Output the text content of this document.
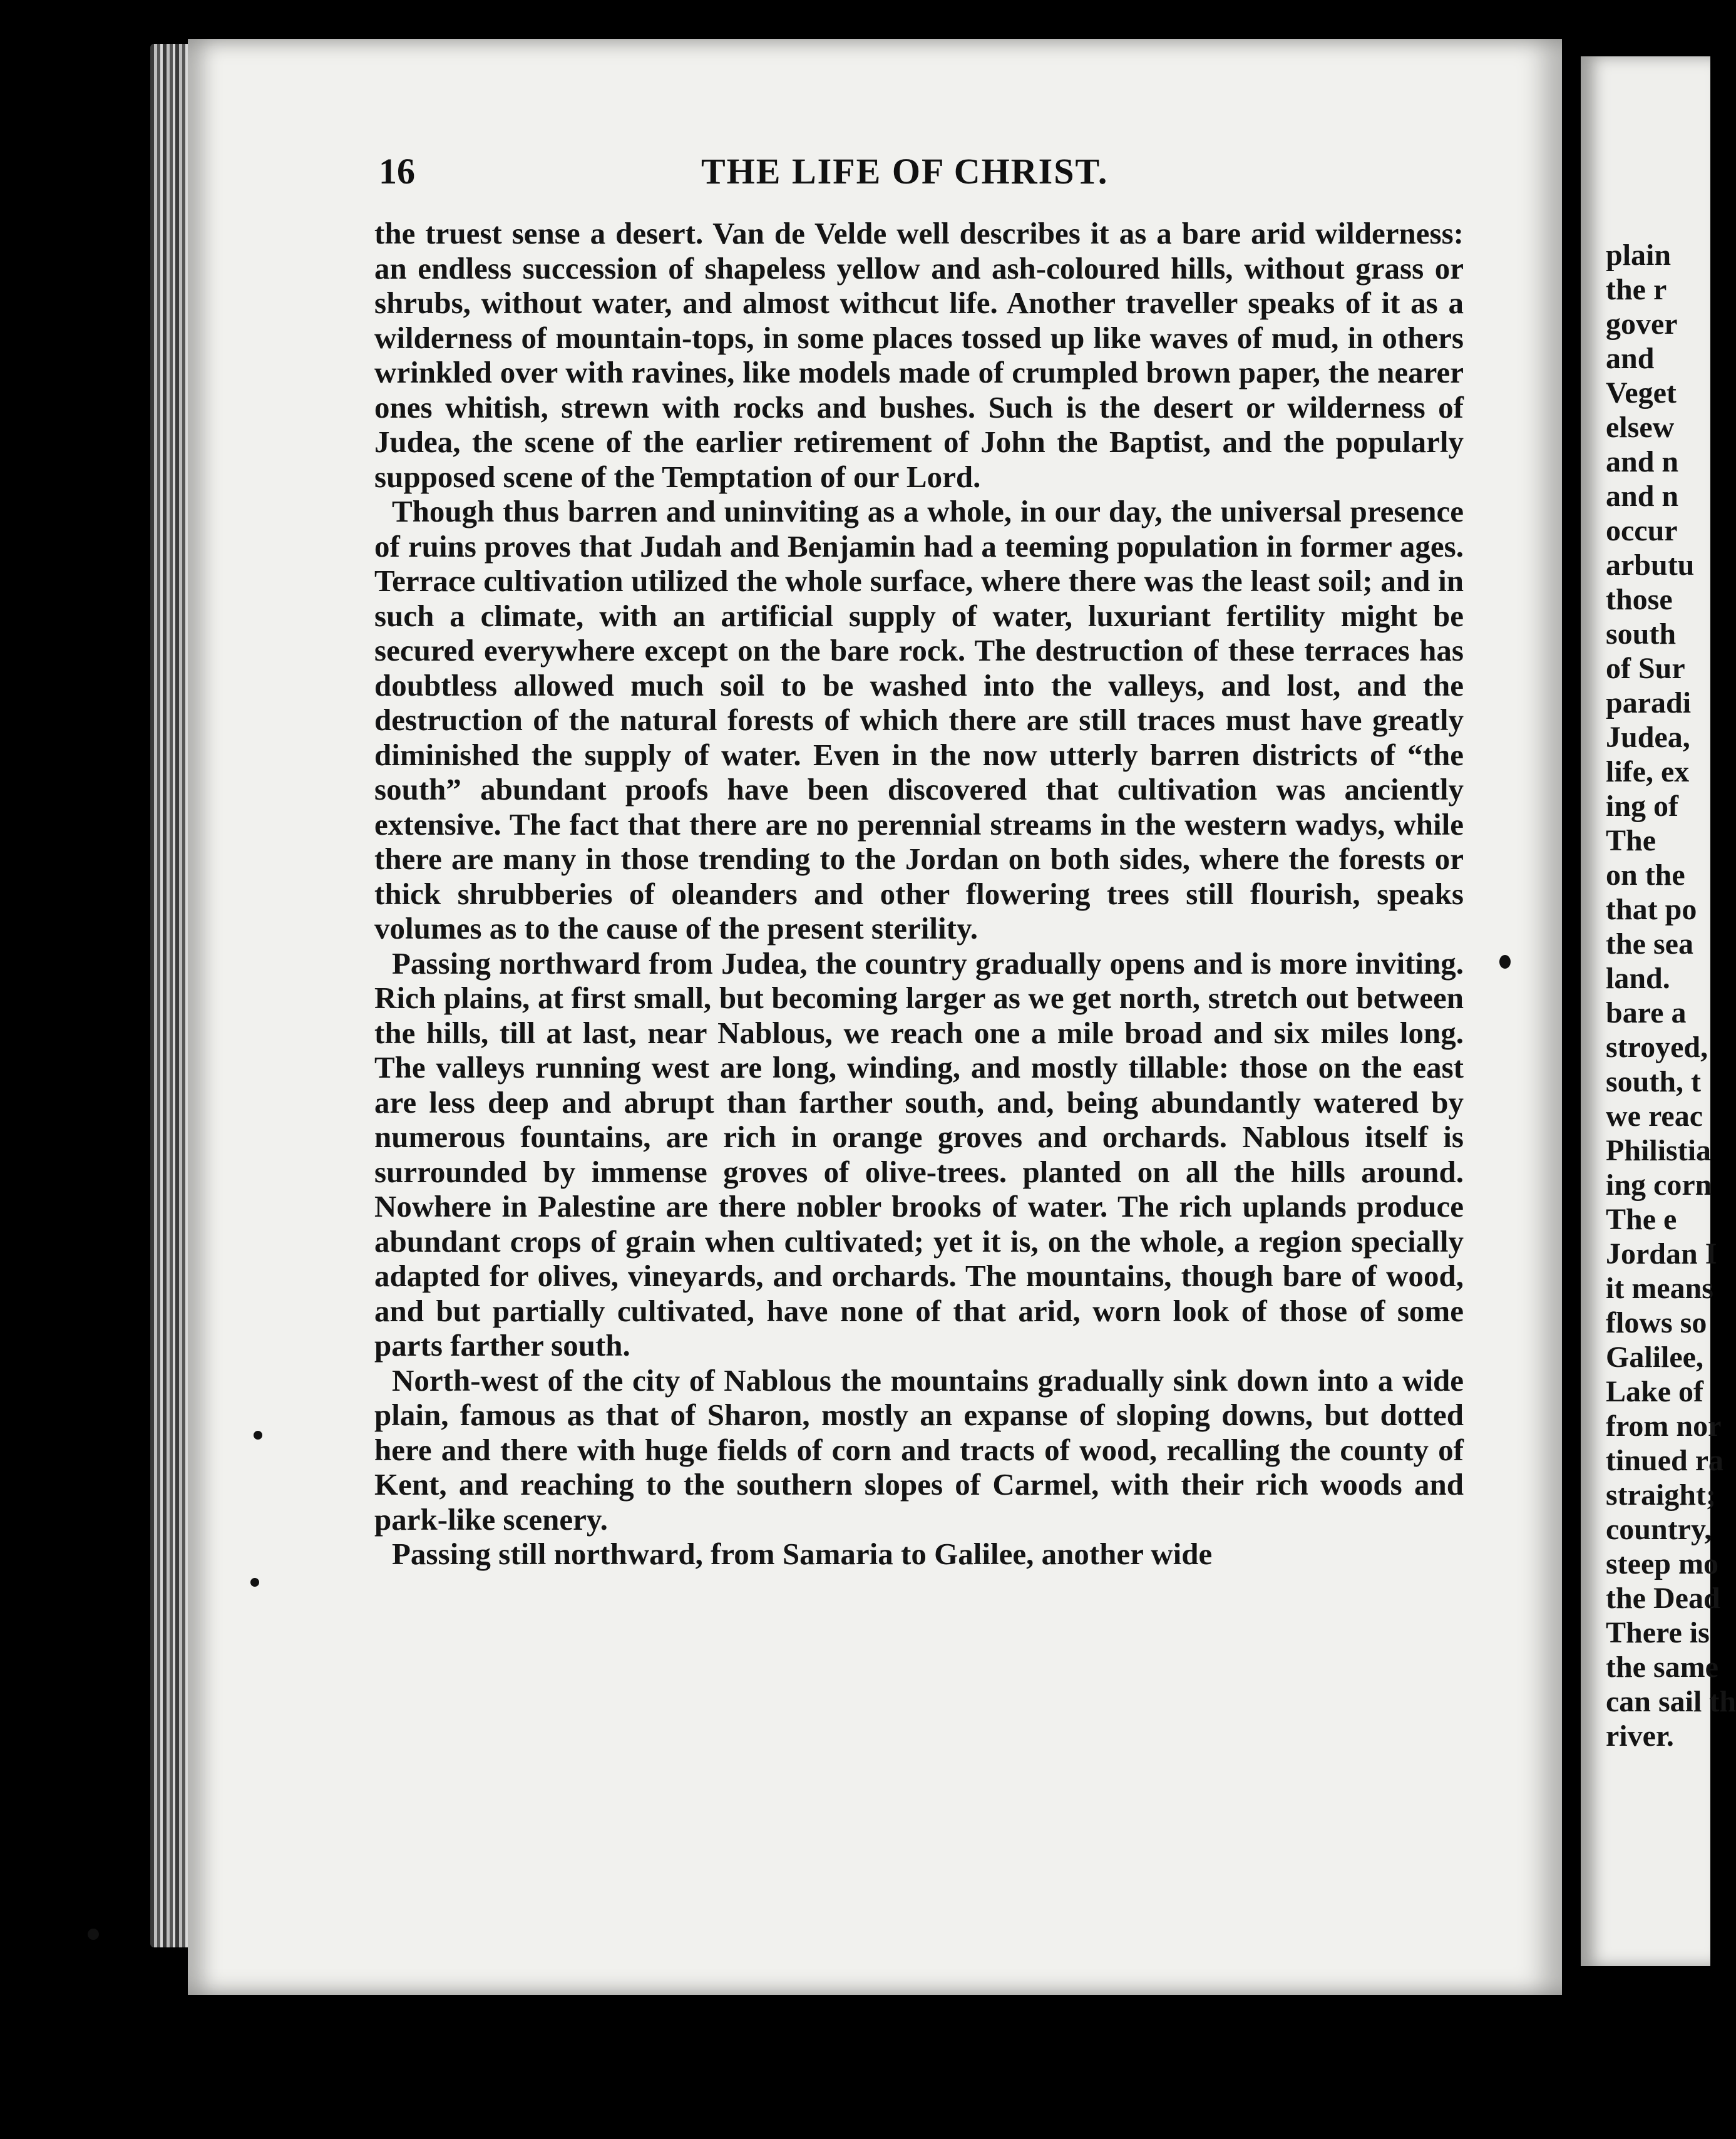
plain
the r
gover
and
Veget
elsew
and n
and n
occur
arbutu
those
south
of Sur
paradi
Judea,
life, ex
ing of
The
on the
that po
the sea
land.
bare a
stroyed,
south, t
we reac
Philistia
ing corn
The e
Jordan I
it means
flows so
Galilee,
Lake of
from nor
tinued ra
straight;
country,
steep mo
the Dead
There is
the same
can sail th
river.
16	THE LIFE OF CHRIST.

the truest sense a desert. Van de Velde well describes it as a bare arid wilderness: an endless succession of shapeless yellow and ash-coloured hills, without grass or shrubs, without water, and almost withcut life. Another traveller speaks of it as a wilderness of mountain-tops, in some places tossed up like waves of mud, in others wrinkled over with ravines, like models made of crumpled brown paper, the nearer ones whitish, strewn with rocks and bushes. Such is the desert or wilderness of Judea, the scene of the earlier retirement of John the Baptist, and the popularly supposed scene of the Temptation of our Lord.

Though thus barren and uninviting as a whole, in our day, the universal presence of ruins proves that Judah and Benjamin had a teeming population in former ages. Terrace cultivation utilized the whole surface, where there was the least soil; and in such a climate, with an artificial supply of water, luxuriant fertility might be secured everywhere except on the bare rock. The destruction of these terraces has doubtless allowed much soil to be washed into the valleys, and lost, and the destruction of the natural forests of which there are still traces must have greatly diminished the supply of water. Even in the now utterly barren districts of “the south” abundant proofs have been discovered that cultivation was anciently extensive. The fact that there are no perennial streams in the western wadys, while there are many in those trending to the Jordan on both sides, where the forests or thick shrubberies of oleanders and other flowering trees still flourish, speaks volumes as to the cause of the present sterility.

Passing northward from Judea, the country gradually opens and is more inviting. Rich plains, at first small, but becoming larger as we get north, stretch out between the hills, till at last, near Nablous, we reach one a mile broad and six miles long. The valleys running west are long, winding, and mostly tillable: those on the east are less deep and abrupt than farther south, and, being abundantly watered by numerous fountains, are rich in orange groves and orchards. Nablous itself is surrounded by immense groves of olive-trees. planted on all the hills around. Nowhere in Palestine are there nobler brooks of water. The rich uplands produce abundant crops of grain when cultivated; yet it is, on the whole, a region specially adapted for olives, vineyards, and orchards. The mountains, though bare of wood, and but partially cultivated, have none of that arid, worn look of those of some parts farther south.

North-west of the city of Nablous the mountains gradually sink down into a wide plain, famous as that of Sharon, mostly an expanse of sloping downs, but dotted here and there with huge fields of corn and tracts of wood, recalling the county of Kent, and reaching to the southern slopes of Carmel, with their rich woods and park-like scenery.

Passing still northward, from Samaria to Galilee, another wide
